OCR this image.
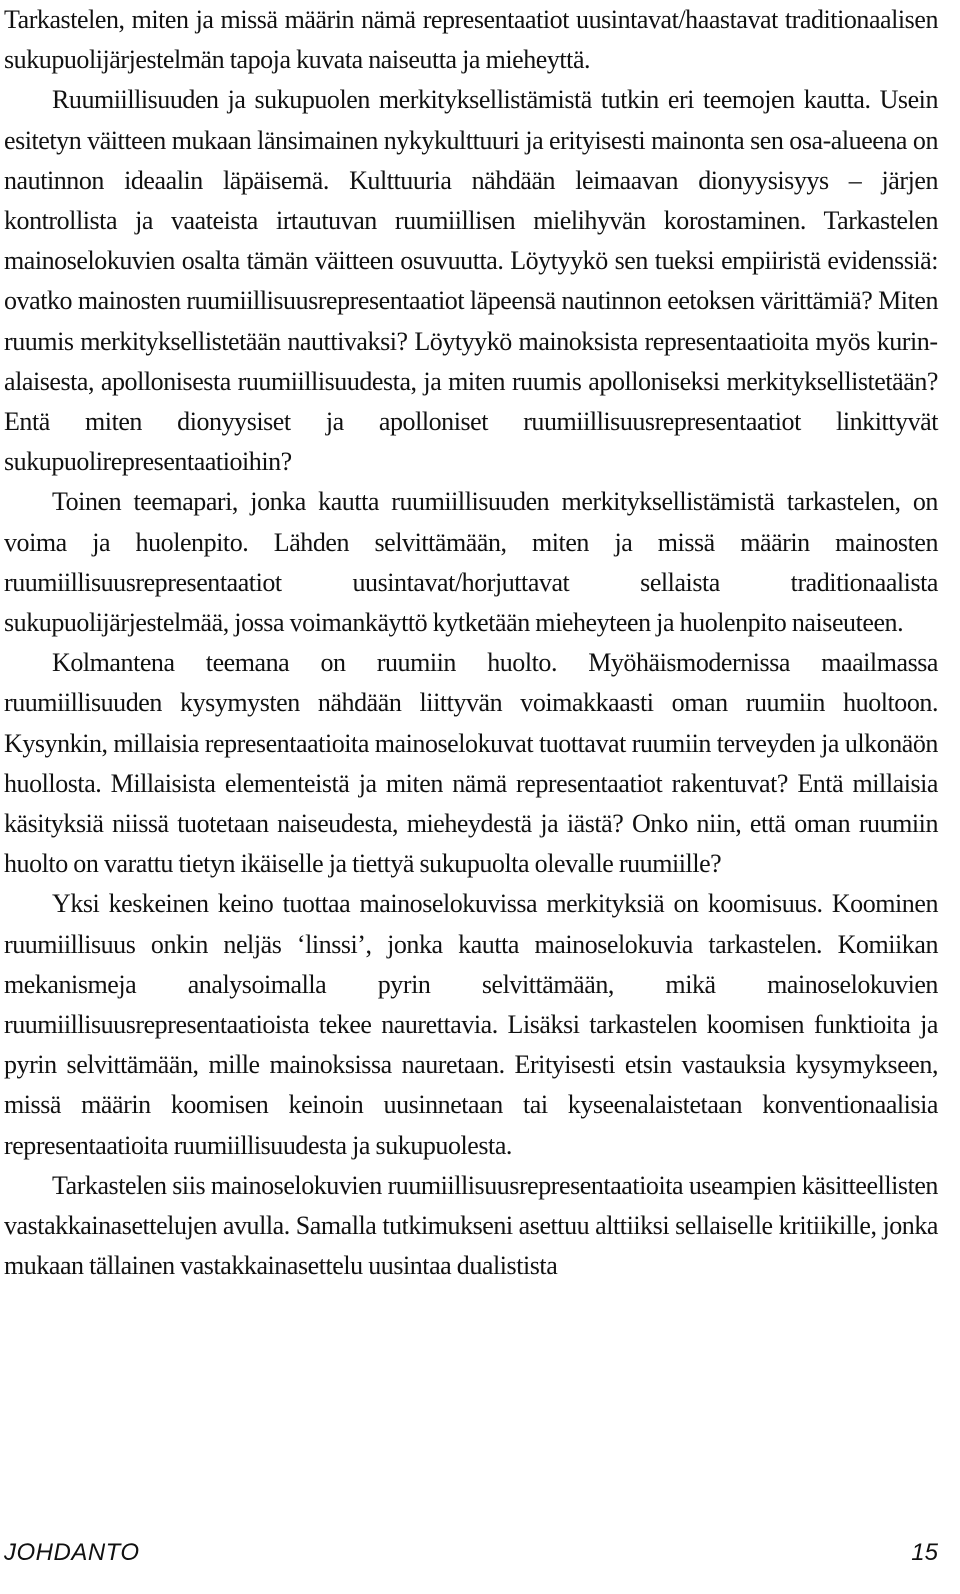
Tarkastelen, miten ja missä määrin nämä representaatiot uusintavat/haastavat traditionaalisen sukupuolijärjestelmän tapoja kuvata naiseutta ja mieheyttä.

Ruumiillisuuden ja sukupuolen merkityksellistämistä tutkin eri teemojen kautta. Usein esitetyn väitteen mukaan länsimainen nykykulttuuri ja erityisesti mainonta sen osa-alueena on nautinnon ideaalin läpäisemä. Kulttuuria nähdään leimaavan dionyysisyys – järjen kontrollista ja vaateista irtautuvan ruumiillisen mielihyvän korostaminen. Tarkastelen mainoselokuvien osalta tämän väitteen osuvuutta. Löytyykö sen tueksi empiiristä evidenssiä: ovatko mainosten ruumiillisuusrepresentaatiot läpeensä nautinnon eetoksen värittämiä? Miten ruumis merkityksellistetään nauttivaksi? Löytyykö mainoksista representaatioita myös kurinalaisesta, apollonisesta ruumiillisuudesta, ja miten ruumis apolloniseksi merkityksellistetään? Entä miten dionyysiset ja apolloniset ruumiillisuusrepresentaatiot linkittyvät sukupuolirepresentaatioihin?

Toinen teemapari, jonka kautta ruumiillisuuden merkityksellistämistä tarkastelen, on voima ja huolenpito. Lähden selvittämään, miten ja missä määrin mainosten ruumiillisuusrepresentaatiot uusintavat/horjuttavat sellaista traditionaalista sukupuolijärjestelmää, jossa voimankäyttö kytketään mieheyteen ja huolenpito naiseuteen.

Kolmantena teemana on ruumiin huolto. Myöhäismodernissa maailmassa ruumiillisuuden kysymysten nähdään liittyvän voimakkaasti oman ruumiin huoltoon. Kysynkin, millaisia representaatioita mainoselokuvat tuottavat ruumiin terveyden ja ulkonäön huollosta. Millaisista elementeistä ja miten nämä representaatiot rakentuvat? Entä millaisia käsityksiä niissä tuotetaan naiseudesta, mieheydestä ja iästä? Onko niin, että oman ruumiin huolto on varattu tietyn ikäiselle ja tiettyä sukupuolta olevalle ruumiille?

Yksi keskeinen keino tuottaa mainoselokuvissa merkityksiä on koomisuus. Koominen ruumiillisuus onkin neljäs ‘linssi’, jonka kautta mainoselokuvia tarkastelen. Komiikan mekanismeja analysoimalla pyrin selvittämään, mikä mainoselokuvien ruumiillisuusrepresentaatioista tekee naurettavia. Lisäksi tarkastelen koomisen funktioita ja pyrin selvittämään, mille mainoksissa nauretaan. Erityisesti etsin vastauksia kysymykseen, missä määrin koomisen keinoin uusinnetaan tai kyseenalaistetaan konventionaalisia representaatioita ruumiillisuudesta ja sukupuolesta.

Tarkastelen siis mainoselokuvien ruumiillisuusrepresentaatioita useampien käsitteellisten vastakkainasettelujen avulla. Samalla tutkimukseni asettuu alttiiksi sellaiselle kritiikille, jonka mukaan tällainen vastakkainasettelu uusintaa dualistista

JOHDANTO	15
